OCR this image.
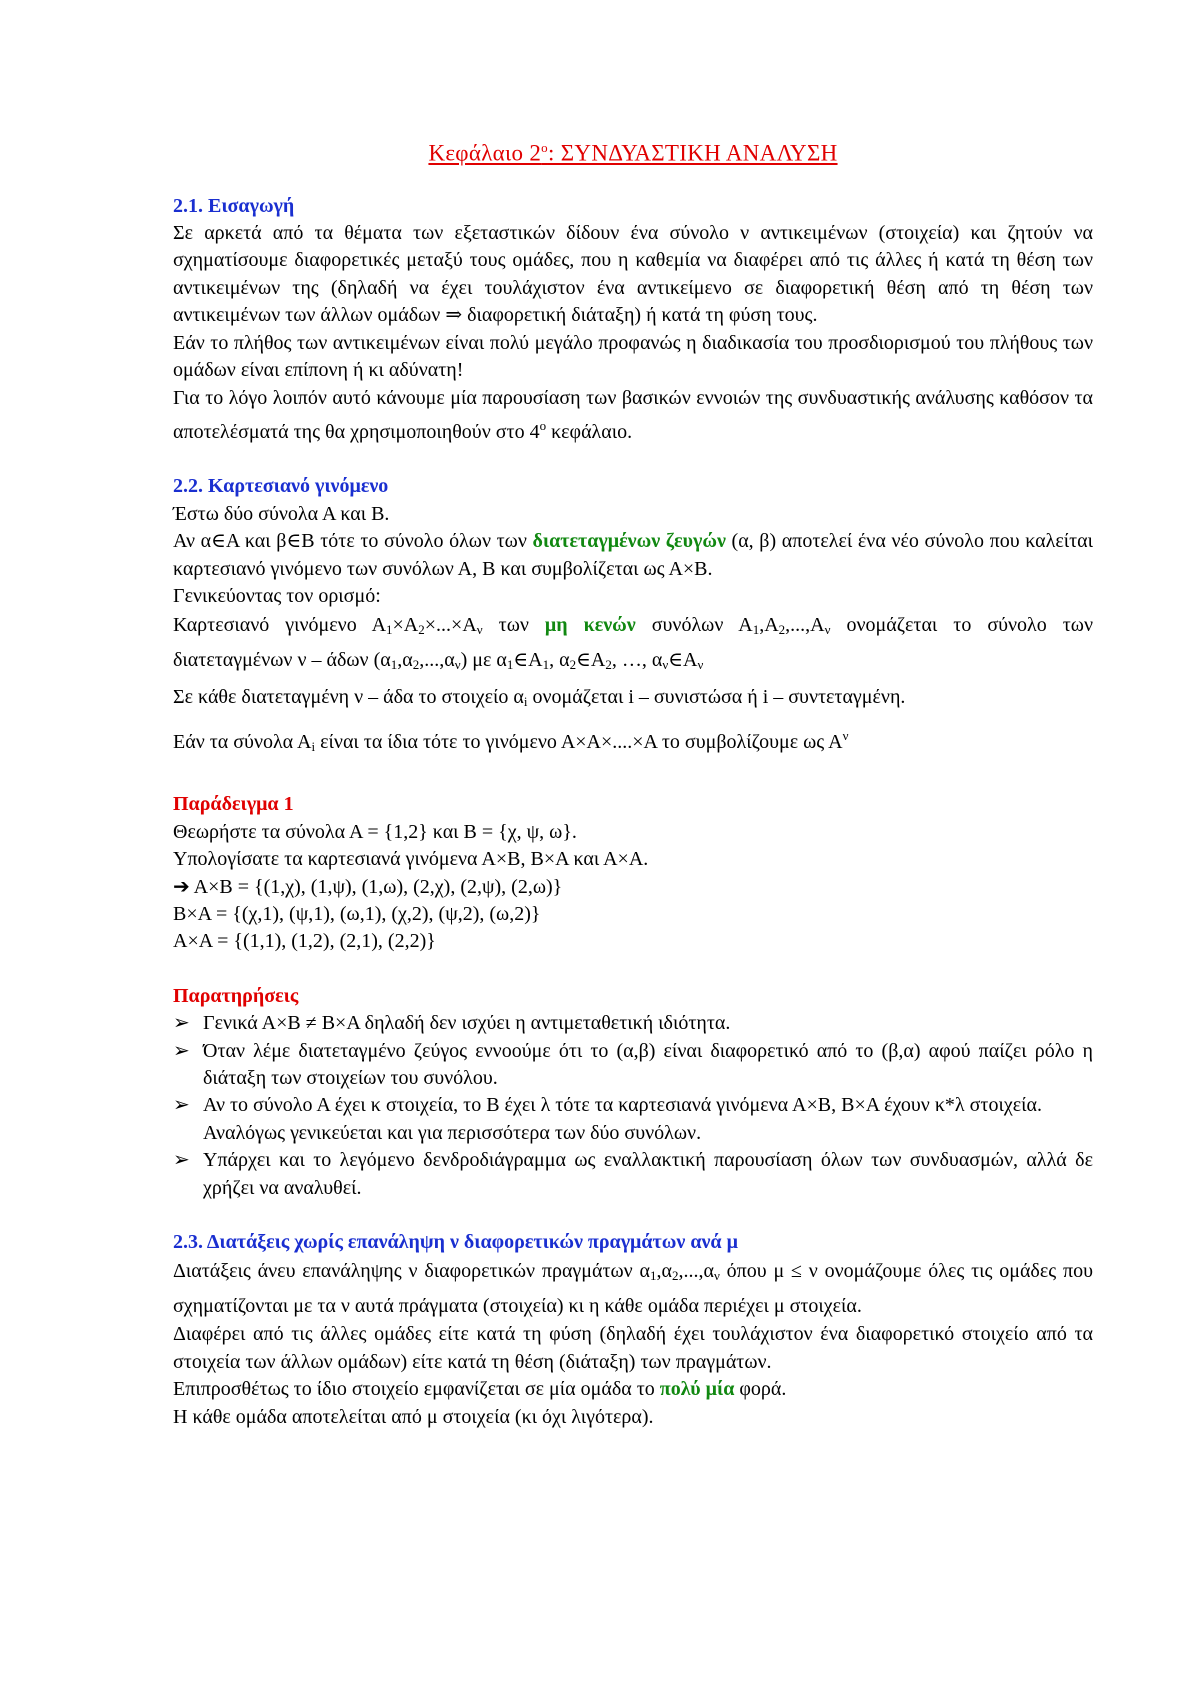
Κεφάλαιο $2^o$: ΣΥΝΔΥΑΣΤΙΚΗ ΑΝΑΛΥΣΗ

2.1. Εισαγωγή

Σε αρκετά από τα θέματα των εξεταστικών δίδουν ένα σύνολο ν αντικειμένων (στοιχεία) και ζητούν να σχηματίσουμε διαφορετικές μεταξύ τους ομάδες, που η καθεμία να διαφέρει από τις άλλες ή κατά τη θέση των αντικειμένων της (δηλαδή να έχει τουλάχιστον ένα αντικείμενο σε διαφορετική θέση από τη θέση των αντικειμένων των άλλων ομάδων ⇒ διαφορετική διάταξη) ή κατά τη φύση τους.

Εάν το πλήθος των αντικειμένων είναι πολύ μεγάλο προφανώς η διαδικασία του προσδιορισμού του πλήθους των ομάδων είναι επίπονη ή κι αδύνατη!

Για το λόγο λοιπόν αυτό κάνουμε μία παρουσίαση των βασικών εννοιών της συνδυαστικής ανάλυσης καθόσον τα αποτελέσματά της θα χρησιμοποιηθούν στο $4^o$ κεφάλαιο.

2.2. Καρτεσιανό γινόμενο

Έστω δύο σύνολα Α και Β.

Αν α∈Α και β∈Β τότε το σύνολο όλων των διατεταγμένων ζευγών (α, β) αποτελεί ένα νέο σύνολο που καλείται καρτεσιανό γινόμενο των συνόλων Α, Β και συμβολίζεται ως Α×Β.

Γενικεύοντας τον ορισμό:

Καρτεσιανό γινόμενο $A_1\times A_2\times...\times A_\nu$ των μη κενών συνόλων $A_1,A_2,...,A_\nu$ ονομάζεται το σύνολο των διατεταγμένων ν – άδων $(\alpha_1,\alpha_2,...,\alpha_\nu)$ με $\alpha_1\in A_1$, $\alpha_2\in A_2$, …, $\alpha_\nu\in A_\nu$

Σε κάθε διατεταγμένη ν – άδα το στοιχείο $\alpha_i$ ονομάζεται i – συνιστώσα ή i – συντεταγμένη.

Εάν τα σύνολα $A_i$ είναι τα ίδια τότε το γινόμενο Α×Α×....×Α το συμβολίζουμε ως $A^\nu$

Παράδειγμα 1

Θεωρήστε τα σύνολα Α = {1,2} και Β = {χ, ψ, ω}.

Υπολογίσατε τα καρτεσιανά γινόμενα Α×Β, Β×Α και Α×Α.

➔ Α×Β = {(1,χ), (1,ψ), (1,ω), (2,χ), (2,ψ), (2,ω)}

Β×Α = {(χ,1), (ψ,1), (ω,1), (χ,2), (ψ,2), (ω,2)}

Α×Α = {(1,1), (1,2), (2,1), (2,2)}

Παρατηρήσεις

➢ Γενικά Α×Β ≠ Β×Α δηλαδή δεν ισχύει η αντιμεταθετική ιδιότητα.
➢ Όταν λέμε διατεταγμένο ζεύγος εννοούμε ότι το (α,β) είναι διαφορετικό από το (β,α) αφού παίζει ρόλο η διάταξη των στοιχείων του συνόλου.
➢ Αν το σύνολο Α έχει κ στοιχεία, το Β έχει λ τότε τα καρτεσιανά γινόμενα Α×Β, Β×Α έχουν κ*λ στοιχεία.
Αναλόγως γενικεύεται και για περισσότερα των δύο συνόλων.
➢ Υπάρχει και το λεγόμενο δενδροδιάγραμμα ως εναλλακτική παρουσίαση όλων των συνδυασμών, αλλά δε χρήζει να αναλυθεί.

2.3. Διατάξεις χωρίς επανάληψη ν διαφορετικών πραγμάτων ανά μ

Διατάξεις άνευ επανάληψης ν διαφορετικών πραγμάτων $\alpha_1,\alpha_2,...,\alpha_\nu$ όπου μ ≤ ν ονομάζουμε όλες τις ομάδες που σχηματίζονται με τα ν αυτά πράγματα (στοιχεία) κι η κάθε ομάδα περιέχει μ στοιχεία.

Διαφέρει από τις άλλες ομάδες είτε κατά τη φύση (δηλαδή έχει τουλάχιστον ένα διαφορετικό στοιχείο από τα στοιχεία των άλλων ομάδων) είτε κατά τη θέση (διάταξη) των πραγμάτων.

Επιπροσθέτως το ίδιο στοιχείο εμφανίζεται σε μία ομάδα το πολύ μία φορά.

Η κάθε ομάδα αποτελείται από μ στοιχεία (κι όχι λιγότερα).
